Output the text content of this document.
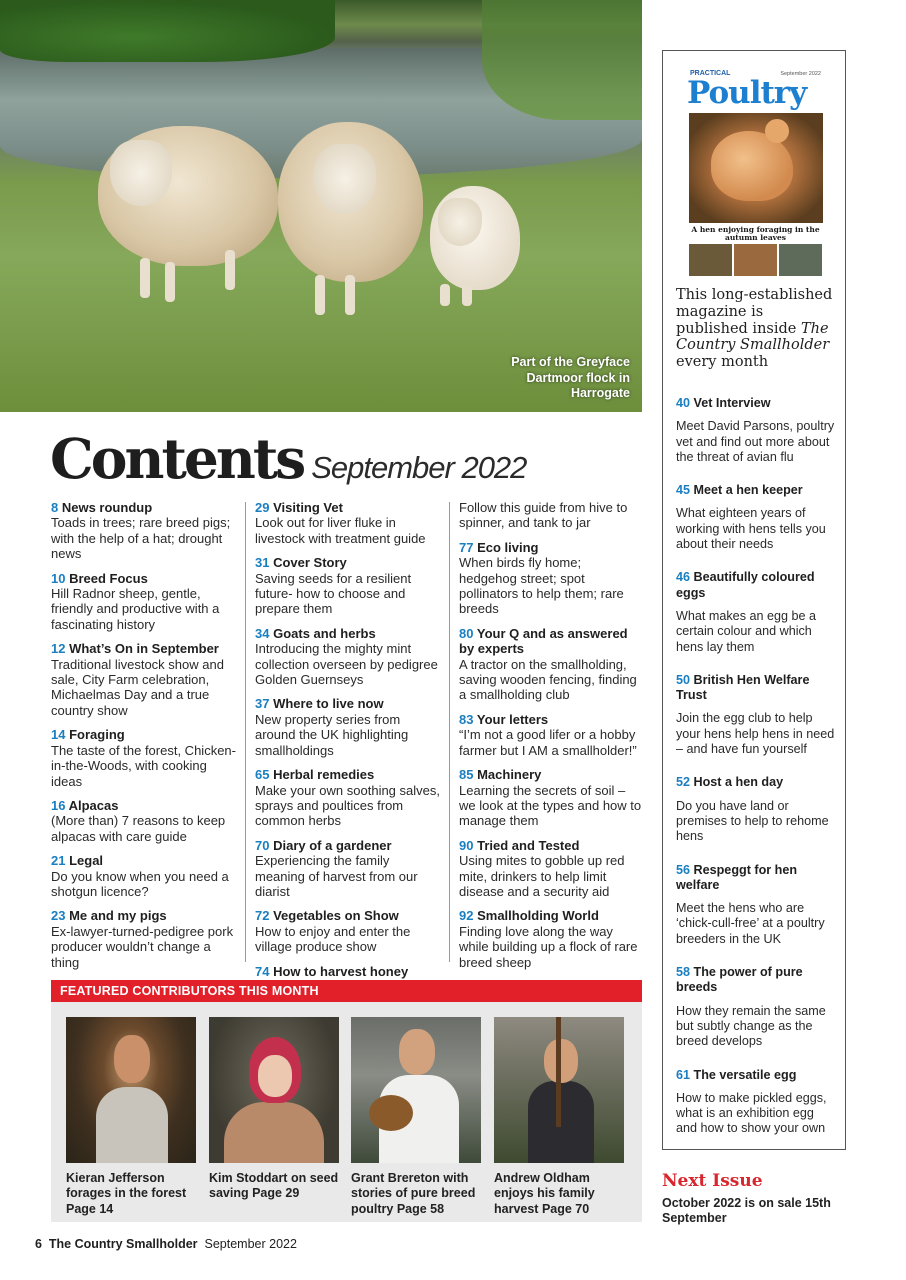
Part of the Greyface Dartmoor flock in Harrogate
Contents September 2022
8 News roundup
Toads in trees; rare breed pigs; with the help of a hat; drought news
10 Breed Focus
Hill Radnor sheep, gentle, friendly and productive with a fascinating history
12 What’s On in September
Traditional livestock show and sale, City Farm celebration, Michaelmas Day and a true country show
14 Foraging
The taste of the forest, Chicken-in-the-Woods, with cooking ideas
16 Alpacas
(More than) 7 reasons to keep alpacas with care guide
21 Legal
Do you know when you need a shotgun licence?
23 Me and my pigs
Ex-lawyer-turned-pedigree pork producer wouldn’t change a thing
29 Visiting Vet
Look out for liver fluke in livestock with treatment guide
31 Cover Story
Saving seeds for a resilient future- how to choose and prepare them
34 Goats and herbs
Introducing the mighty mint collection overseen by pedigree Golden Guernseys
37 Where to live now
New property series from around the UK highlighting smallholdings
65 Herbal remedies
Make your own soothing salves, sprays and poultices from common herbs
70 Diary of a gardener
Experiencing the family meaning of harvest from our diarist
72 Vegetables on Show
How to enjoy and enter the village produce show
74 How to harvest honey
Follow this guide from hive to spinner, and tank to jar
77 Eco living
When birds fly home; hedgehog street; spot pollinators to help them; rare breeds
80 Your Q and as answered by experts
A tractor on the smallholding, saving wooden fencing, finding a smallholding club
83 Your letters
“I’m not a good lifer or a hobby farmer but I AM a smallholder!”
85 Machinery
Learning the secrets of soil – we look at the types and how to manage them
90 Tried and Tested
Using mites to gobble up red mite, drinkers to help limit disease and a security aid
92 Smallholding World
Finding love along the way while building up a flock of rare breed sheep
FEATURED CONTRIBUTORS THIS MONTH
Kieran Jefferson forages in the forest Page 14
Kim Stoddart on seed saving Page 29
Grant Brereton with stories of pure breed poultry Page 58
Andrew Oldham enjoys his family harvest Page 70
PRACTICAL	September 2022
Poultry
A hen enjoying foraging in the autumn leaves
This long-established magazine is published inside The Country Smallholder every month
40 Vet Interview
Meet David Parsons, poultry vet and find out more about the threat of avian flu
45 Meet a hen keeper
What eighteen years of working with hens tells you about their needs
46 Beautifully coloured eggs
What makes an egg be a certain colour and which hens lay them
50 British Hen Welfare Trust
Join the egg club to help your hens help hens in need – and have fun yourself
52 Host a hen day
Do you have land or premises to help to rehome hens
56 Respeggt for hen welfare
Meet the hens who are ‘chick-cull-free’ at a poultry breeders in the UK
58 The power of pure breeds
How they remain the same but subtly change as the breed develops
61 The versatile egg
How to make pickled eggs, what is an exhibition egg and how to show your own
Next Issue
October 2022 is on sale 15th September
6 The Country Smallholder September 2022
